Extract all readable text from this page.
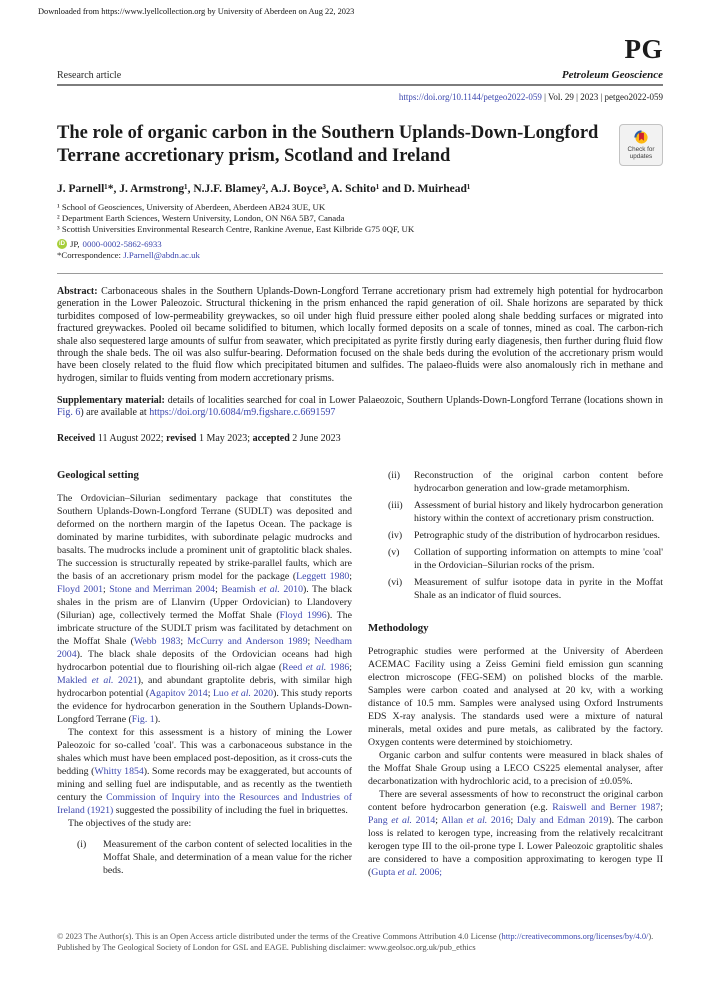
Downloaded from https://www.lyellcollection.org by University of Aberdeen on Aug 22, 2023
PG
Research article	Petroleum Geoscience
https://doi.org/10.1144/petgeo2022-059 | Vol. 29 | 2023 | petgeo2022-059
The role of organic carbon in the Southern Uplands-Down-Longford Terrane accretionary prism, Scotland and Ireland	Check for
updates
J. Parnell¹*, J. Armstrong¹, N.J.F. Blamey², A.J. Boyce³, A. Schito¹ and D. Muirhead¹
¹ School of Geosciences, University of Aberdeen, Aberdeen AB24 3UE, UK
² Department Earth Sciences, Western University, London, ON N6A 5B7, Canada
³ Scottish Universities Environmental Research Centre, Rankine Avenue, East Kilbride G75 0QF, UK
iD JP, 0000-0002-5862-6933
*Correspondence: J.Parnell@abdn.ac.uk

Abstract: Carbonaceous shales in the Southern Uplands-Down-Longford Terrane accretionary prism had extremely high potential for hydrocarbon generation in the Lower Paleozoic. Structural thickening in the prism enhanced the rapid generation of oil. Shale horizons are separated by thick turbidites composed of low-permeability greywackes, so oil under high fluid pressure either pooled along shale bedding surfaces or migrated into fractured greywackes. Pooled oil became solidified to bitumen, which locally formed deposits on a scale of tonnes, mined as coal. The carbon-rich shale also sequestered large amounts of sulfur from seawater, which precipitated as pyrite firstly during early diagenesis, then further during fluid flow through the shale beds. The oil was also sulfur-bearing. Deformation focused on the shale beds during the evolution of the accretionary prism would have been closely related to the fluid flow which precipitated bitumen and sulfides. The palaeo-fluids were also anomalously rich in methane and hydrogen, similar to fluids venting from modern accretionary prisms.

Supplementary material: details of localities searched for coal in Lower Palaeozoic, Southern Uplands-Down-Longford Terrane (locations shown in Fig. 6) are available at https://doi.org/10.6084/m9.figshare.c.6691597

Received 11 August 2022; revised 1 May 2023; accepted 2 June 2023

Geological setting

The Ordovician–Silurian sedimentary package that constitutes the Southern Uplands-Down-Longford Terrane (SUDLT) was deposited and deformed on the northern margin of the Iapetus Ocean. The package is dominated by marine turbidites, with subordinate pelagic mudrocks and basalts. The mudrocks include a prominent unit of graptolitic black shales. The succession is structurally repeated by strike-parallel faults, which are the basis of an accretionary prism model for the package (Leggett 1980; Floyd 2001; Stone and Merriman 2004; Beamish et al. 2010). The black shales in the prism are of Llanvirn (Upper Ordovician) to Llandovery (Silurian) age, collectively termed the Moffat Shale (Floyd 1996). The imbricate structure of the SUDLT prism was facilitated by detachment on the Moffat Shale (Webb 1983; McCurry and Anderson 1989; Needham 2004). The black shale deposits of the Ordovician oceans had high hydrocarbon potential due to flourishing oil-rich algae (Reed et al. 1986; Makled et al. 2021), and abundant graptolite debris, with similar high hydrocarbon potential (Agapitov 2014; Luo et al. 2020). This study reports the evidence for hydrocarbon generation in the Southern Uplands-Down-Longford Terrane (Fig. 1).

The context for this assessment is a history of mining the Lower Paleozoic for so-called 'coal'. This was a carbonaceous substance in the shales which must have been emplaced post-deposition, as it cross-cuts the bedding (Whitty 1854). Some records may be exaggerated, but accounts of mining and selling fuel are indisputable, and as recently as the twentieth century the Commission of Inquiry into the Resources and Industries of Ireland (1921) suggested the possibility of including the fuel in briquettes.

The objectives of the study are:

(i)	Measurement of the carbon content of selected localities in the Moffat Shale, and determination of a mean value for the richer beds.
(ii)	Reconstruction of the original carbon content before hydrocarbon generation and low-grade metamorphism.
(iii)	Assessment of burial history and likely hydrocarbon generation history within the context of accretionary prism construction.
(iv)	Petrographic study of the distribution of hydrocarbon residues.
(v)	Collation of supporting information on attempts to mine 'coal' in the Ordovician–Silurian rocks of the prism.
(vi)	Measurement of sulfur isotope data in pyrite in the Moffat Shale as an indicator of fluid sources.
Methodology

Petrographic studies were performed at the University of Aberdeen ACEMAC Facility using a Zeiss Gemini field emission gun scanning electron microscope (FEG-SEM) on polished blocks of the marble. Samples were carbon coated and analysed at 20 kv, with a working distance of 10.5 mm. Samples were analysed using Oxford Instruments EDS X-ray analysis. The standards used were a mixture of natural minerals, metal oxides and pure metals, as calibrated by the factory. Oxygen contents were determined by stoichiometry.

Organic carbon and sulfur contents were measured in black shales of the Moffat Shale Group using a LECO CS225 elemental analyser, after decarbonatization with hydrochloric acid, to a precision of ±0.05%.

There are several assessments of how to reconstruct the original carbon content before hydrocarbon generation (e.g. Raiswell and Berner 1987; Pang et al. 2014; Allan et al. 2016; Daly and Edman 2019). The carbon loss is related to kerogen type, increasing from the relatively recalcitrant kerogen type III to the oil-prone type I. Lower Paleozoic graptolitic shales are considered to have a composition approximating to kerogen type II (Gupta et al. 2006;

© 2023 The Author(s). This is an Open Access article distributed under the terms of the Creative Commons Attribution 4.0 License (http://creativecommons.org/licenses/by/4.0/). Published by The Geological Society of London for GSL and EAGE. Publishing disclaimer: www.geolsoc.org.uk/pub_ethics
